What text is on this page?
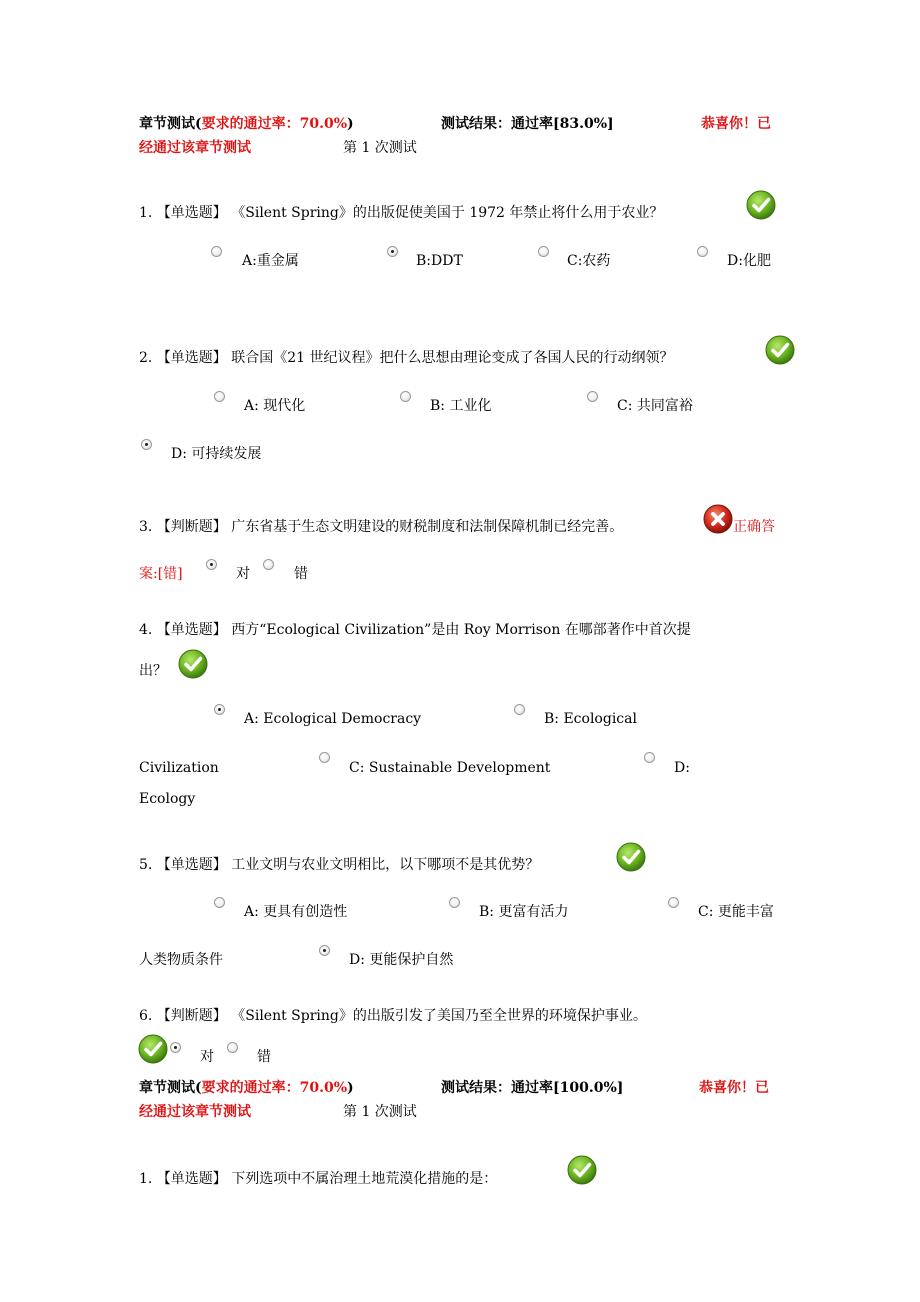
章节测试(要求的通过率：70.0%)	测试结果：通过率[83.0%]	恭喜你！已
经通过该章节测试	第 1 次测试
1. 【单选题】 《Silent Spring》的出版促使美国于 1972 年禁止将什么用于农业？
A:重金属	B:DDT	C:农药	D:化肥
2. 【单选题】 联合国《21 世纪议程》把什么思想由理论变成了各国人民的行动纲领？
A: 现代化	B: 工业化	C: 共同富裕
D: 可持续发展
3. 【判断题】 广东省基于生态文明建设的财税制度和法制保障机制已经完善。	正确答
案:[错]	对	错
4. 【单选题】 西方“Ecological Civilization”是由 Roy Morrison 在哪部著作中首次提
出？
A: Ecological Democracy	B: Ecological
Civilization	C: Sustainable Development	D:
Ecology
5. 【单选题】 工业文明与农业文明相比，以下哪项不是其优势？
A: 更具有创造性	B: 更富有活力	C: 更能丰富
人类物质条件	D: 更能保护自然
6. 【判断题】 《Silent Spring》的出版引发了美国乃至全世界的环境保护事业。
对	错
章节测试(要求的通过率：70.0%)	测试结果：通过率[100.0%]	恭喜你！已
经通过该章节测试	第 1 次测试
1. 【单选题】 下列选项中不属治理土地荒漠化措施的是：
